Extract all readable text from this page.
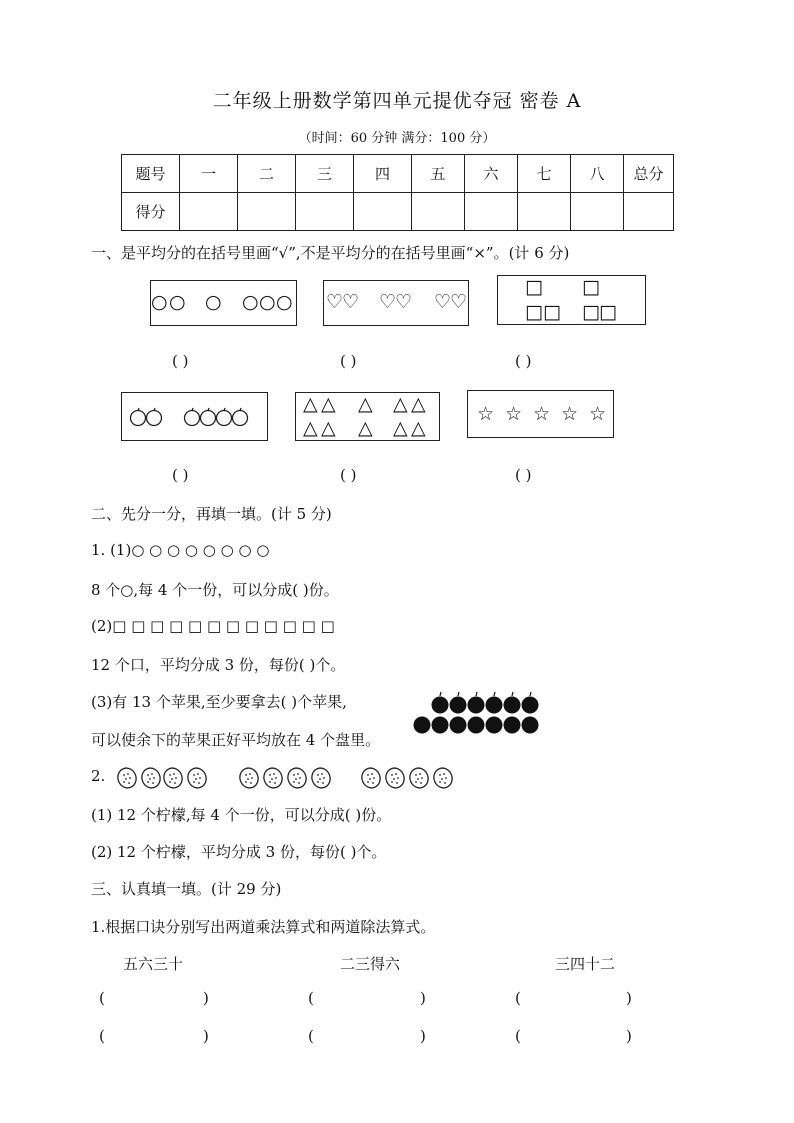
二年级上册数学第四单元提优夺冠 密卷 A
（时间：60 分钟 满分：100 分）
题号	一	二	三	四	五	六	七	八	总分
得分									
一、是平均分的在括号里画“√”,不是平均分的在括号里画“×”。(计 6 分)
○ ○ ○ ○ ○ ○ ♡
♡ ♡
♡ ♡
♡
□ □
□ □ □ □
( )	( )	( )
△ △ △ △ △
△ △ △ △ △
☆ ☆ ☆ ☆ ☆
( )	( )	( )
二、先分一分，再填一填。(计 5 分)
1. (1)○ ○ ○ ○ ○ ○ ○ ○
8 个○,每 4 个一份，可以分成( )份。
(2)□ □ □ □ □ □ □ □ □ □ □ □
12 个口，平均分成 3 份，每份( )个。
(3)有 13 个苹果,至少要拿去( )个苹果,
可以使余下的苹果正好平均放在 4 个盘里。
2.
(1) 12 个柠檬,每 4 个一份，可以分成( )份。
(2) 12 个柠檬，平均分成 3 份，每份( )个。
三、认真填一填。(计 29 分)
1.根据口诀分别写出两道乘法算式和两道除法算式。
五六三十	二三得六	三四十二
(	)	(	)	(	)
(	)	(	)	(	)
